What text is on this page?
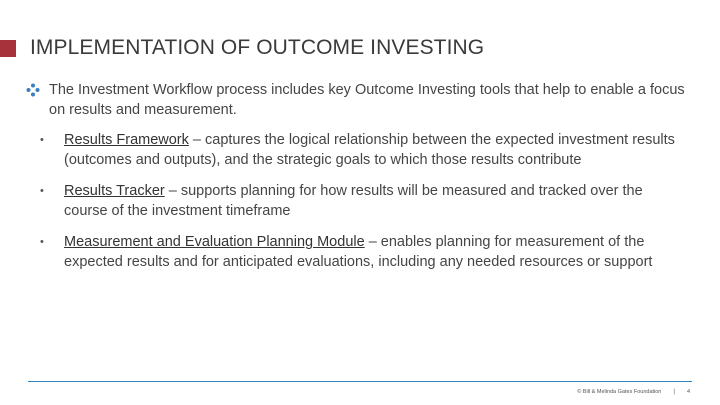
IMPLEMENTATION OF OUTCOME INVESTING
The Investment Workflow process includes key Outcome Investing tools that help to enable a focus on results and measurement.
•	Results Framework – captures the logical relationship between the expected investment results (outcomes and outputs), and the strategic goals to which those results contribute
•	Results Tracker – supports planning for how results will be measured and tracked over the course of the investment timeframe
•	Measurement and Evaluation Planning Module – enables planning for measurement of the expected results and for anticipated evaluations, including any needed resources or support
© Bill & Melinda Gates Foundation | 4
